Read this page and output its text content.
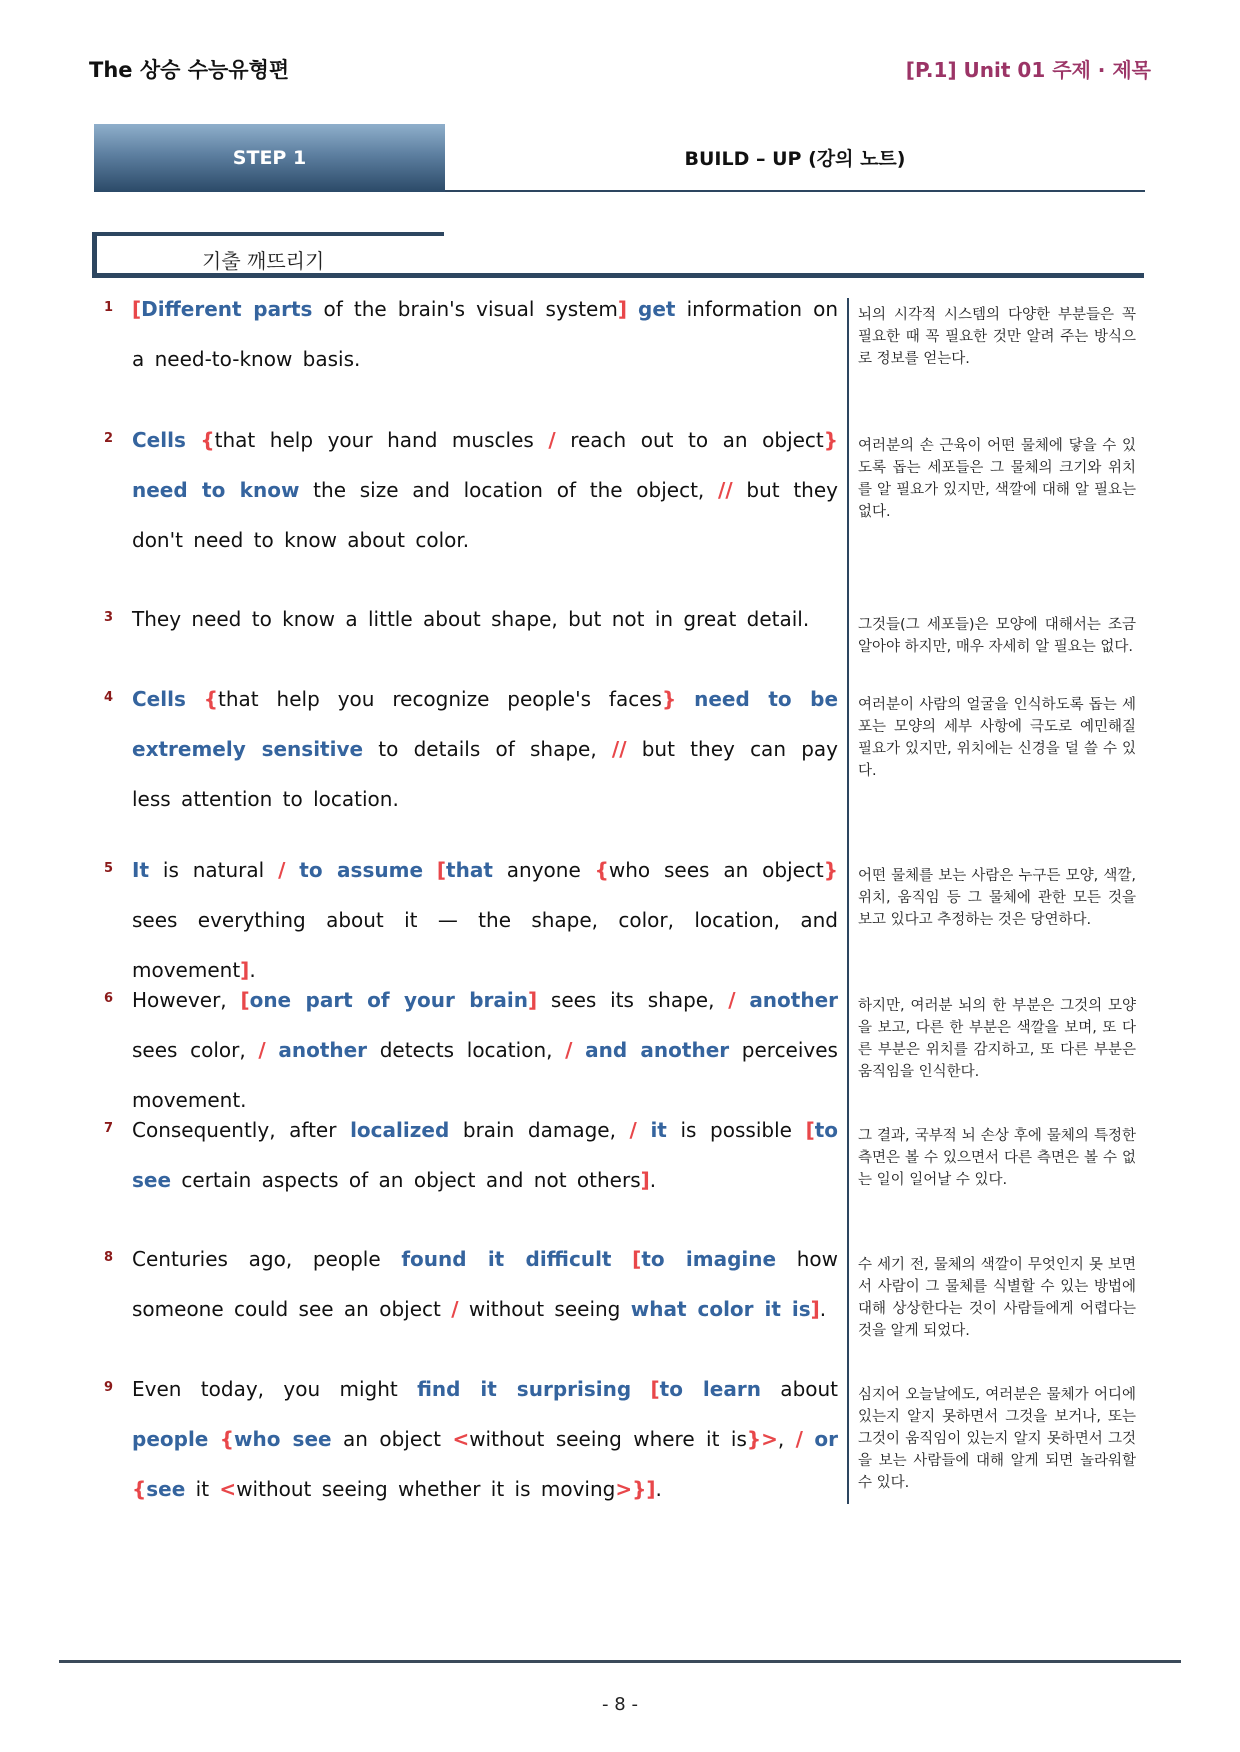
The 상승 수능유형편	[P.1] Unit 01 주제 · 제목
STEP 1	BUILD – UP (강의 노트)
기출 깨뜨리기
1 [Different parts of the brain's visual system] get information on a need-to-know basis.
뇌의 시각적 시스템의 다양한 부분들은 꼭 필요한 때 꼭 필요한 것만 알려 주는 방식으로 정보를 얻는다.
2 Cells {that help your hand muscles / reach out to an object} need to know the size and location of the object, // but they don't need to know about color.
여러분의 손 근육이 어떤 물체에 닿을 수 있도록 돕는 세포들은 그 물체의 크기와 위치를 알 필요가 있지만, 색깔에 대해 알 필요는 없다.
3 They need to know a little about shape, but not in great detail.	그것들(그 세포들)은 모양에 대해서는 조금 알아야 하지만, 매우 자세히 알 필요는 없다.
4 Cells {that help you recognize people's faces} need to be extremely sensitive to details of shape, // but they can pay less attention to location.
여러분이 사람의 얼굴을 인식하도록 돕는 세포는 모양의 세부 사항에 극도로 예민해질 필요가 있지만, 위치에는 신경을 덜 쓸 수 있다.
5 It is natural / to assume [that anyone {who sees an object} sees everything about it — the shape, color, location, and movement].
어떤 물체를 보는 사람은 누구든 모양, 색깔, 위치, 움직임 등 그 물체에 관한 모든 것을 보고 있다고 추정하는 것은 당연하다.
6 However, [one part of your brain] sees its shape, / another sees color, / another detects location, / and another perceives movement.
하지만, 여러분 뇌의 한 부분은 그것의 모양을 보고, 다른 한 부분은 색깔을 보며, 또 다른 부분은 위치를 감지하고, 또 다른 부분은 움직임을 인식한다.
7 Consequently, after localized brain damage, / it is possible [to see certain aspects of an object and not others].
그 결과, 국부적 뇌 손상 후에 물체의 특정한 측면은 볼 수 있으면서 다른 측면은 볼 수 없는 일이 일어날 수 있다.
8 Centuries ago, people found it difficult [to imagine how someone could see an object / without seeing what color it is].
수 세기 전, 물체의 색깔이 무엇인지 못 보면서 사람이 그 물체를 식별할 수 있는 방법에 대해 상상한다는 것이 사람들에게 어렵다는 것을 알게 되었다.
9 Even today, you might find it surprising [to learn about people {who see an object <without seeing where it is}>, / or {see it <without seeing whether it is moving>}].
심지어 오늘날에도, 여러분은 물체가 어디에 있는지 알지 못하면서 그것을 보거나, 또는 그것이 움직임이 있는지 알지 못하면서 그것을 보는 사람들에 대해 알게 되면 놀라워할 수 있다.
- 8 -
